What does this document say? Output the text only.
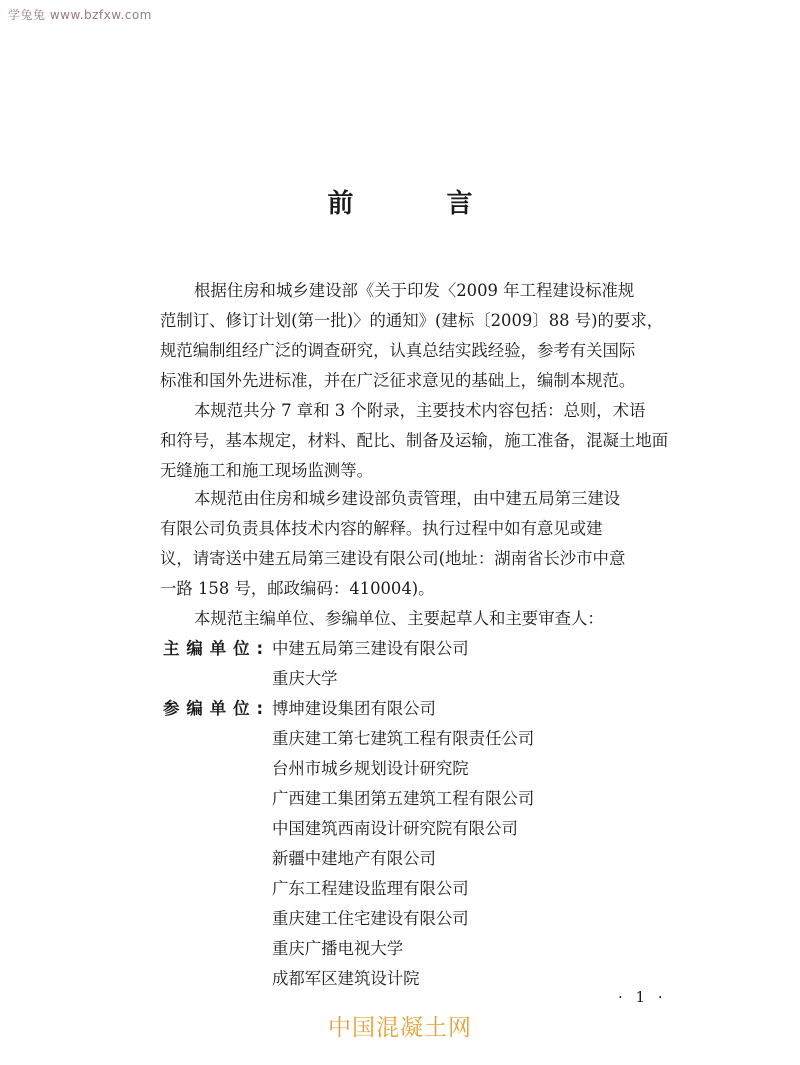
学兔兔 www.bzfxw.com
前 言

根据住房和城乡建设部《关于印发〈2009 年工程建设标准规
范制订、修订计划(第一批)〉的通知》(建标〔2009〕88 号)的要求，
规范编制组经广泛的调查研究，认真总结实践经验，参考有关国际
标准和国外先进标准，并在广泛征求意见的基础上，编制本规范。

本规范共分 7 章和 3 个附录，主要技术内容包括：总则，术语
和符号，基本规定，材料、配比、制备及运输，施工准备，混凝土地面
无缝施工和施工现场监测等。

本规范由住房和城乡建设部负责管理，由中建五局第三建设
有限公司负责具体技术内容的解释。执行过程中如有意见或建
议，请寄送中建五局第三建设有限公司(地址：湖南省长沙市中意
一路 158 号，邮政编码：410004)。

本规范主编单位、参编单位、主要起草人和主要审查人：

主编单位: 中建五局第三建设有限公司
重庆大学
参编单位: 博坤建设集团有限公司
重庆建工第七建筑工程有限责任公司
台州市城乡规划设计研究院
广西建工集团第五建筑工程有限公司
中国建筑西南设计研究院有限公司
新疆中建地产有限公司
广东工程建设监理有限公司
重庆建工住宅建设有限公司
重庆广播电视大学
成都军区建筑设计院
· 1 ·
中国混凝土网
